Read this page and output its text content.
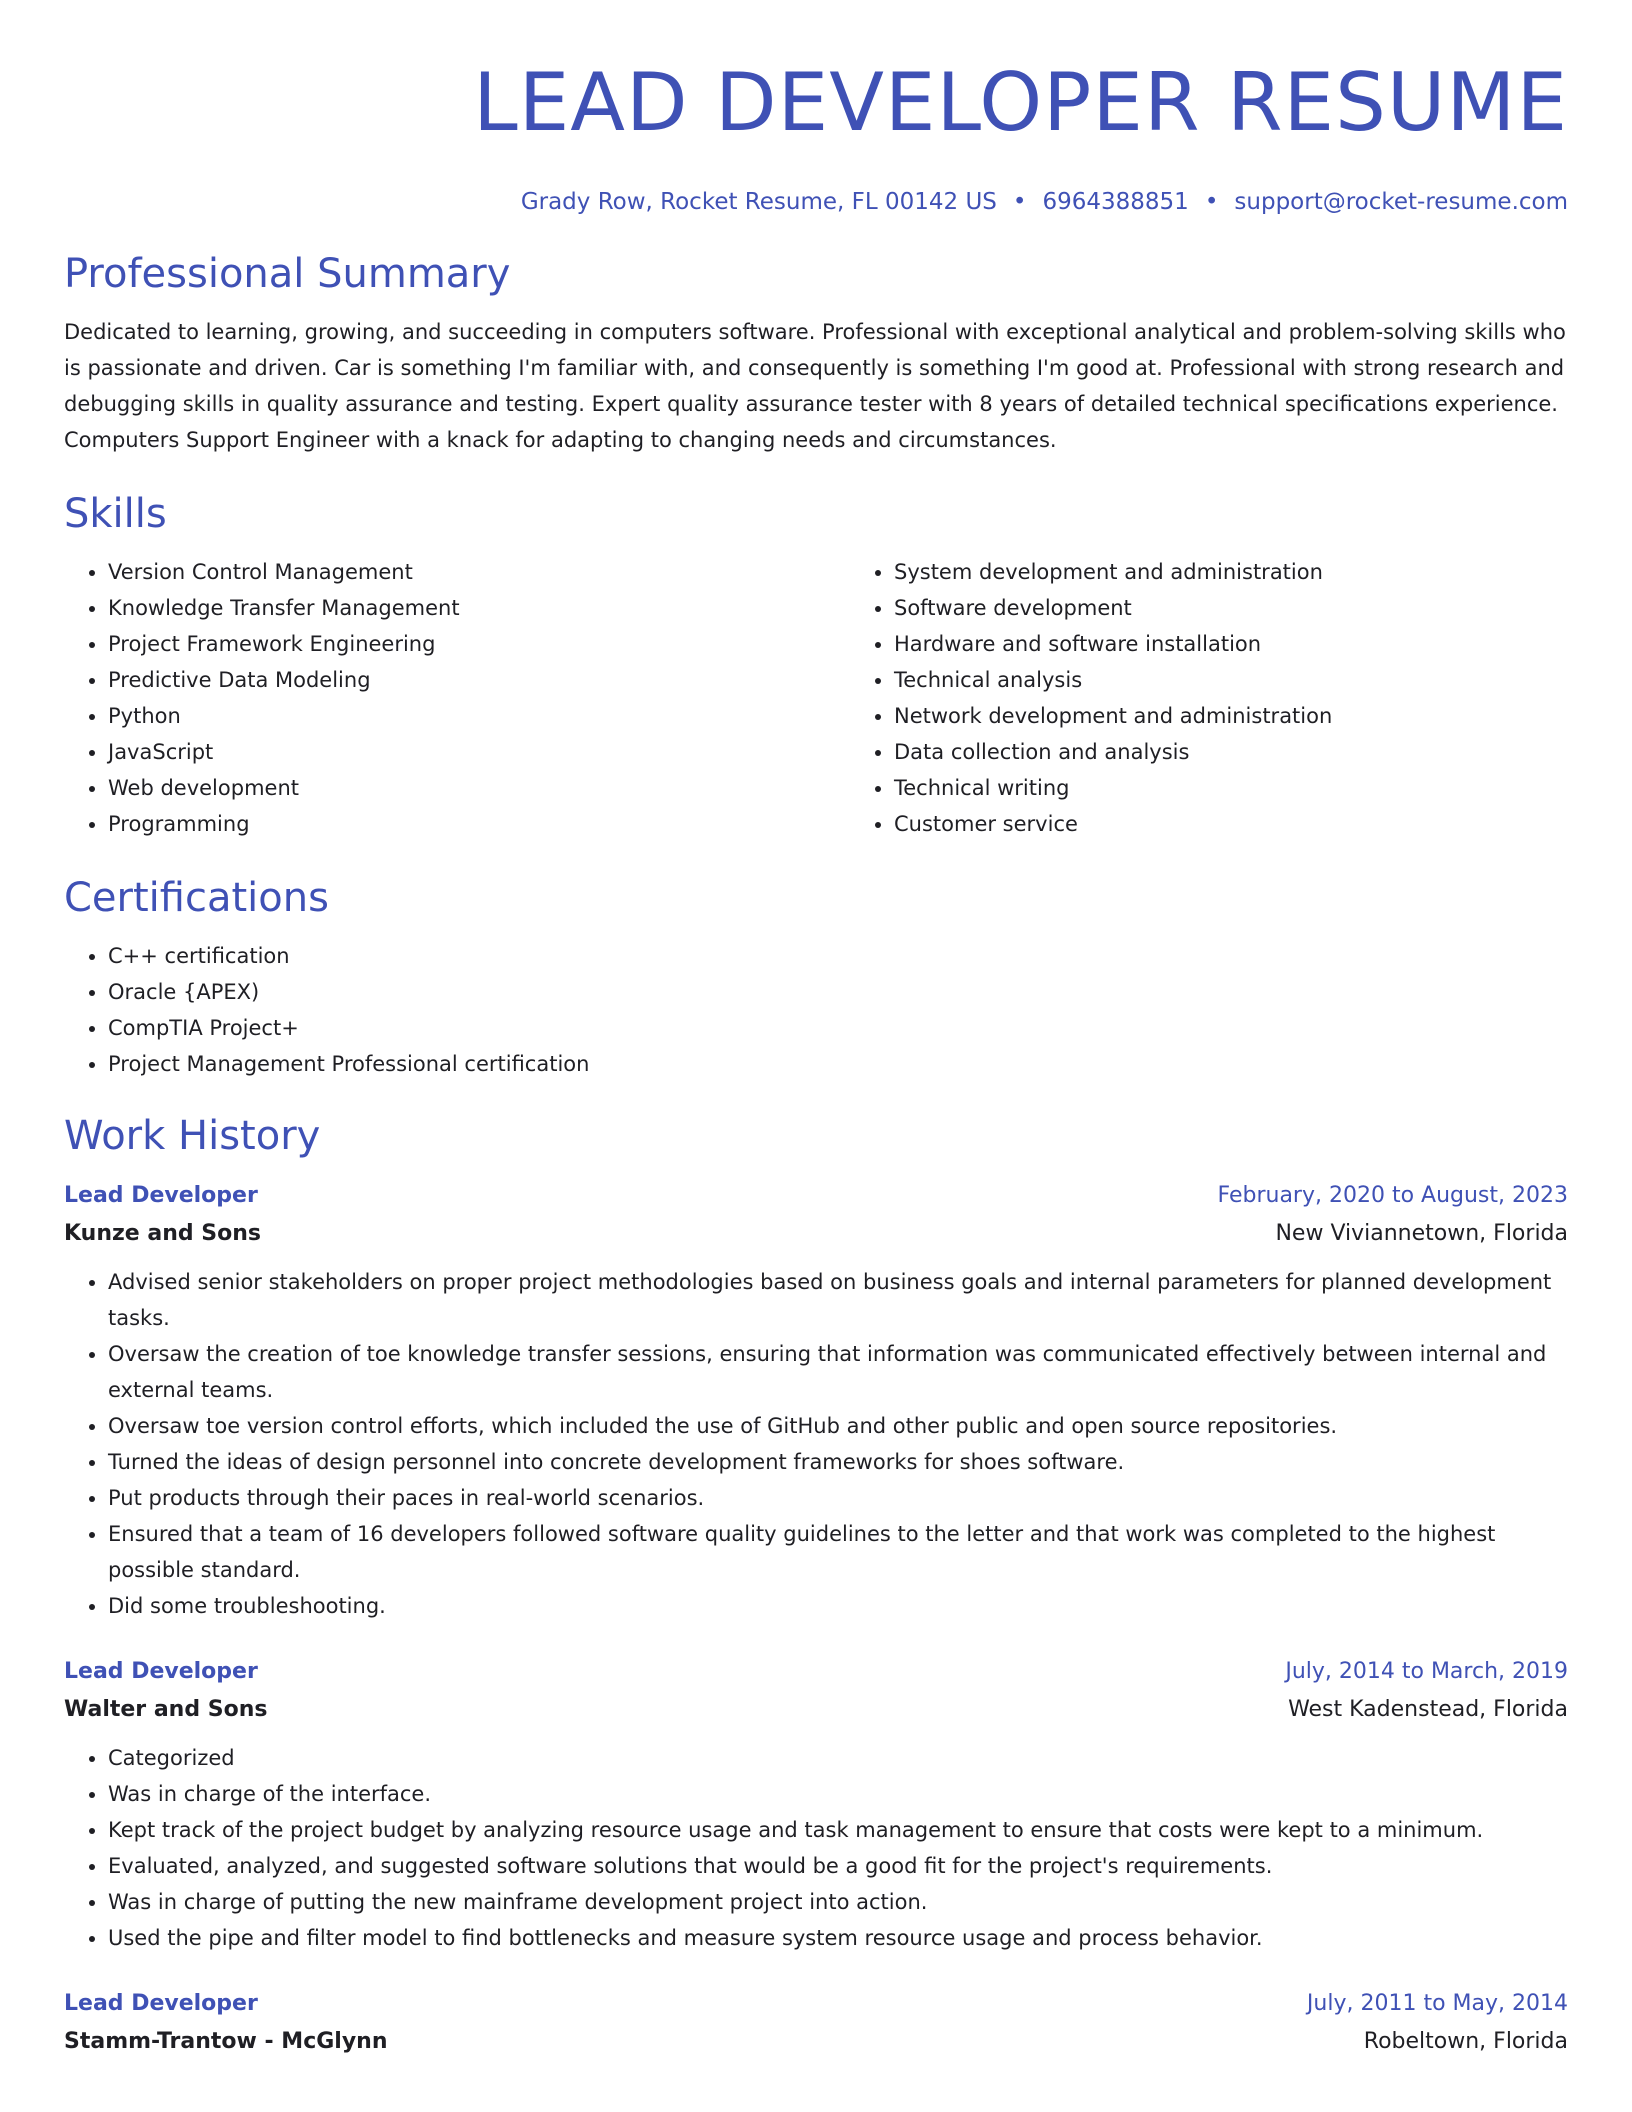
LEAD DEVELOPER RESUME
Grady Row, Rocket Resume, FL 00142 US • 6964388851 • support@rocket-resume.com
Professional Summary

Dedicated to learning, growing, and succeeding in computers software. Professional with exceptional analytical and problem-solving skills who is passionate and driven. Car is something I'm familiar with, and consequently is something I'm good at. Professional with strong research and debugging skills in quality assurance and testing. Expert quality assurance tester with 8 years of detailed technical specifications experience. Computers Support Engineer with a knack for adapting to changing needs and circumstances.

Skills
• Version Control Management
• Knowledge Transfer Management
• Project Framework Engineering
• Predictive Data Modeling
• Python
• JavaScript
• Web development
• Programming
• System development and administration
• Software development
• Hardware and software installation
• Technical analysis
• Network development and administration
• Data collection and analysis
• Technical writing
• Customer service
Certifications
• C++ certification
• Oracle {APEX)
• CompTIA Project+
• Project Management Professional certification
Work History
Lead Developer	February, 2020 to August, 2023
Kunze and Sons	New Viviannetown, Florida
• Advised senior stakeholders on proper project methodologies based on business goals and internal parameters for planned development tasks.
• Oversaw the creation of toe knowledge transfer sessions, ensuring that information was communicated effectively between internal and external teams.
• Oversaw toe version control efforts, which included the use of GitHub and other public and open source repositories.
• Turned the ideas of design personnel into concrete development frameworks for shoes software.
• Put products through their paces in real-world scenarios.
• Ensured that a team of 16 developers followed software quality guidelines to the letter and that work was completed to the highest possible standard.
• Did some troubleshooting.
Lead Developer	July, 2014 to March, 2019
Walter and Sons	West Kadenstead, Florida
• Categorized
• Was in charge of the interface.
• Kept track of the project budget by analyzing resource usage and task management to ensure that costs were kept to a minimum.
• Evaluated, analyzed, and suggested software solutions that would be a good fit for the project's requirements.
• Was in charge of putting the new mainframe development project into action.
• Used the pipe and filter model to find bottlenecks and measure system resource usage and process behavior.
Lead Developer	July, 2011 to May, 2014
Stamm-Trantow - McGlynn	Robeltown, Florida
